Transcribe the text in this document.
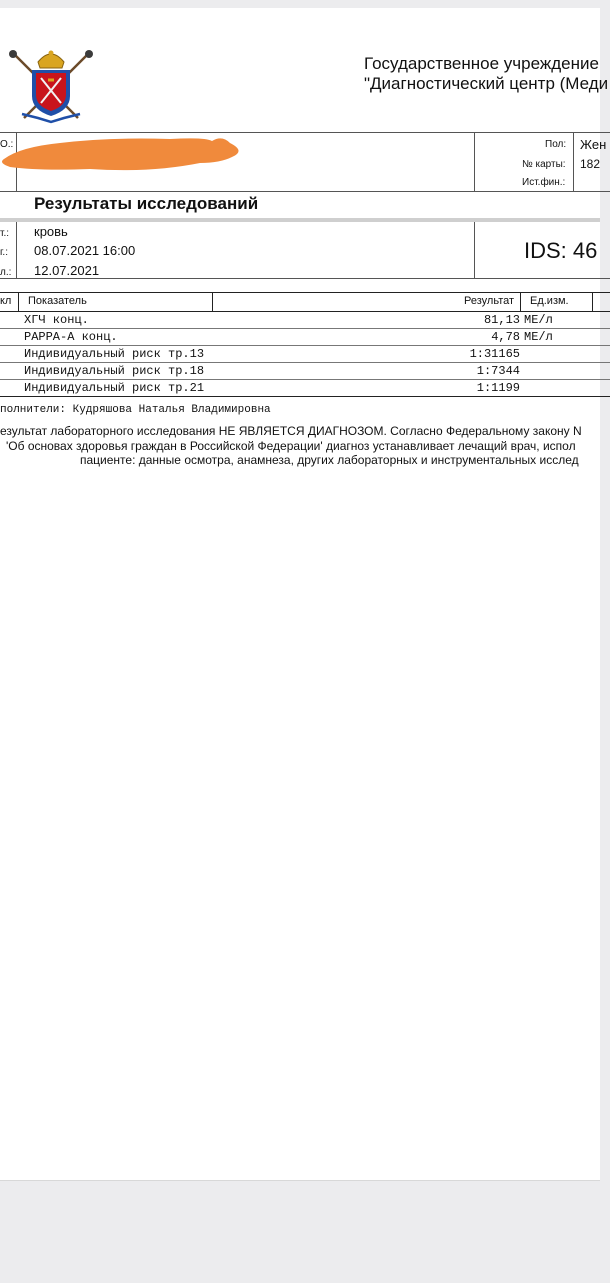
Государственное учреждение
"Диагностический центр (Меди
О.:	Пол: Жен
№ карты: 182
Ист.фин.:
Результаты исследований
т.: кровь
г.: 08.07.2021 16:00
л.: 12.07.2021
IDS: 46
кл Показатель	Результат Ед.изм.
ХГЧ конц.	81,13 МЕ/л
PAPPA-A конц.	4,78 МЕ/л
Индивидуальный риск тр.13	1:31165
Индивидуальный риск тр.18	1:7344
Индивидуальный риск тр.21	1:1199
полнители: Кудряшова Наталья Владимировна
езультат лабораторного исследования НЕ ЯВЛЯЕТСЯ ДИАГНОЗОМ. Согласно Федеральному закону N
'Об основах здоровья граждан в Российской Федерации' диагноз устанавливает лечащий врач, испол
пациенте: данные осмотра, анамнеза, других лабораторных и инструментальных исслед
